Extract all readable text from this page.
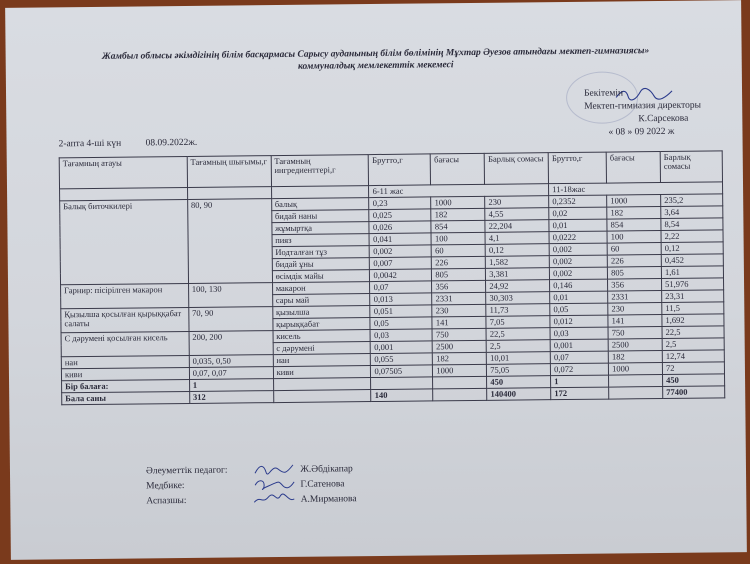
Жамбыл облысы әкімдігінің білім басқармасы Сарысу ауданының білім бөлімінің Мұхтар Әуезов атындағы мектеп-гимназиясы»
коммуналдық мемлекеттік мекемесі
Бекітемін
Мектеп-гимназия директоры
К.Сарсекова
« 08 » 09 2022 ж
2-апта 4-ші күн	08.09.2022ж.
Тағамның атауы	Тағамның шығымы,г	Тағамның ингредиенттері,г	Брутто,г	бағасы	Барлық сомасы	Брутто,г	бағасы	Барлық сомасы
			6-11 жас			11-18жас		
Балық биточкилері	80, 90	балық	0,23	1000	230	0,2352	1000	235,2
		бидай наны	0,025	182	4,55	0,02	182	3,64
		жұмыртқа	0,026	854	22,204	0,01	854	8,54
		пияз	0,041	100	4,1	0,0222	100	2,22
		Иодталған тұз	0,002	60	0,12	0,002	60	0,12
		бидай ұны	0,007	226	1,582	0,002	226	0,452
		өсімдік майы	0,0042	805	3,381	0,002	805	1,61
Гарнир: пісірілген макарон	100, 130	макарон	0,07	356	24,92	0,146	356	51,976
		сары май	0,013	2331	30,303	0,01	2331	23,31
Қызылша қосылған қырыққабат салаты	70, 90	қызылша	0,051	230	11,73	0,05	230	11,5
		қырыққабат	0,05	141	7,05	0,012	141	1,692
С дәрумені қосылған кисель	200, 200	кисель	0,03	750	22,5	0,03	750	22,5
		с дәрумені	0,001	2500	2,5	0,001	2500	2,5
нан	0,035, 0,50	нан	0,055	182	10,01	0,07	182	12,74
киви	0,07, 0,07	киви	0,07505	1000	75,05	0,072	1000	72
Бір балаға:	1				450	1		450
Бала саны	312		140		140400	172		77400
Әлеуметтік педагог:	Ж.Әбдікапар
Медбике:	Г.Сатенова
Аспазшы:	А.Мирманова
